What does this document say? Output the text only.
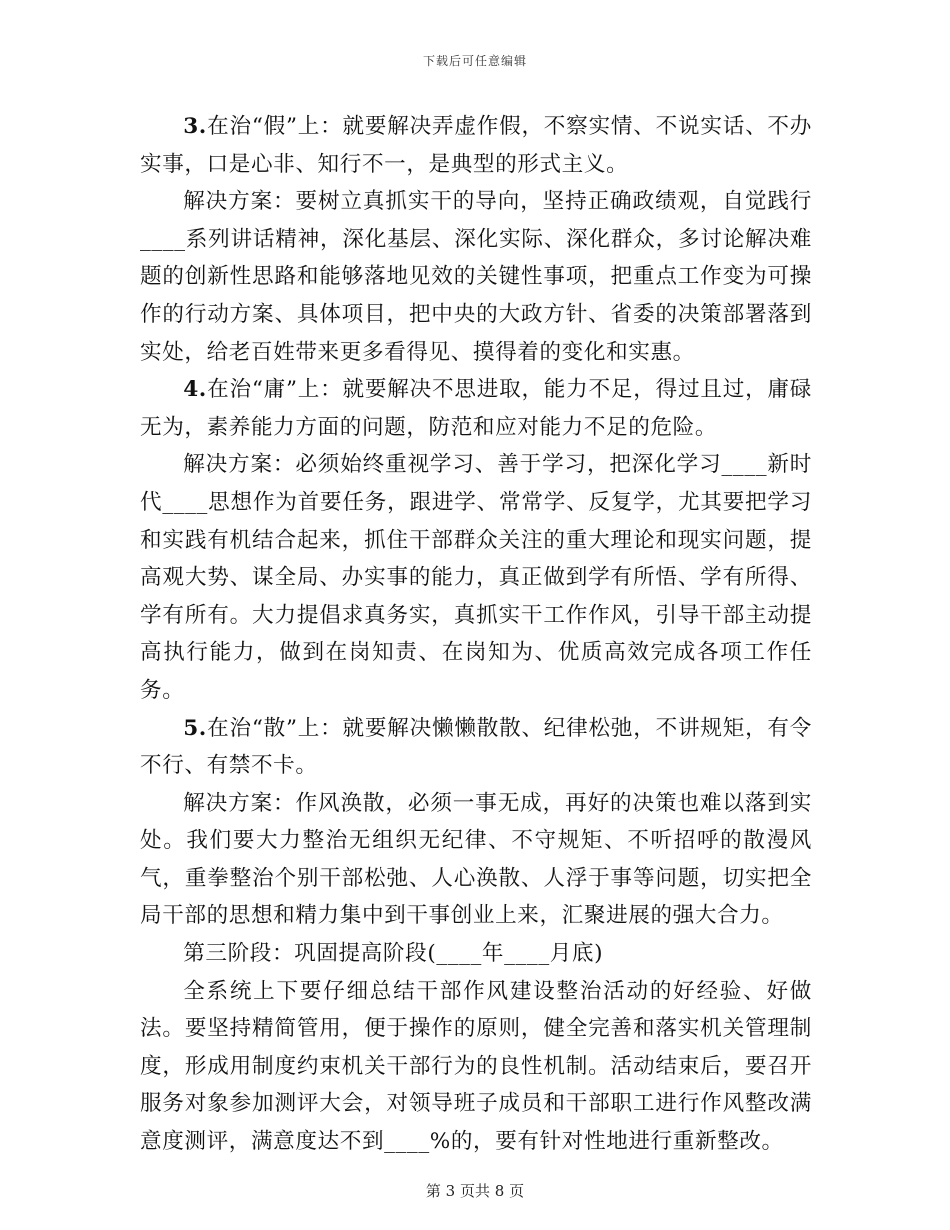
下载后可任意编辑

3.在治“假”上：就要解决弄虚作假，不察实情、不说实话、不办实事，口是心非、知行不一，是典型的形式主义。

解决方案：要树立真抓实干的导向，坚持正确政绩观，自觉践行____系列讲话精神，深化基层、深化实际、深化群众，多讨论解决难题的创新性思路和能够落地见效的关键性事项，把重点工作变为可操作的行动方案、具体项目，把中央的大政方针、省委的决策部署落到实处，给老百姓带来更多看得见、摸得着的变化和实惠。

4.在治“庸”上：就要解决不思进取，能力不足，得过且过，庸碌无为，素养能力方面的问题，防范和应对能力不足的危险。

解决方案：必须始终重视学习、善于学习，把深化学习____新时代____思想作为首要任务，跟进学、常常学、反复学，尤其要把学习和实践有机结合起来，抓住干部群众关注的重大理论和现实问题，提高观大势、谋全局、办实事的能力，真正做到学有所悟、学有所得、学有所有。大力提倡求真务实，真抓实干工作作风，引导干部主动提高执行能力，做到在岗知责、在岗知为、优质高效完成各项工作任务。

5.在治“散”上：就要解决懒懒散散、纪律松弛，不讲规矩，有令不行、有禁不卡。

解决方案：作风涣散，必须一事无成，再好的决策也难以落到实处。我们要大力整治无组织无纪律、不守规矩、不听招呼的散漫风气，重拳整治个别干部松弛、人心涣散、人浮于事等问题，切实把全局干部的思想和精力集中到干事创业上来，汇聚进展的强大合力。

第三阶段：巩固提高阶段(____年____月底)

全系统上下要仔细总结干部作风建设整治活动的好经验、好做法。要坚持精简管用，便于操作的原则，健全完善和落实机关管理制度，形成用制度约束机关干部行为的良性机制。活动结束后，要召开服务对象参加测评大会，对领导班子成员和干部职工进行作风整改满意度测评，满意度达不到____%的，要有针对性地进行重新整改。

第 3 页共 8 页
